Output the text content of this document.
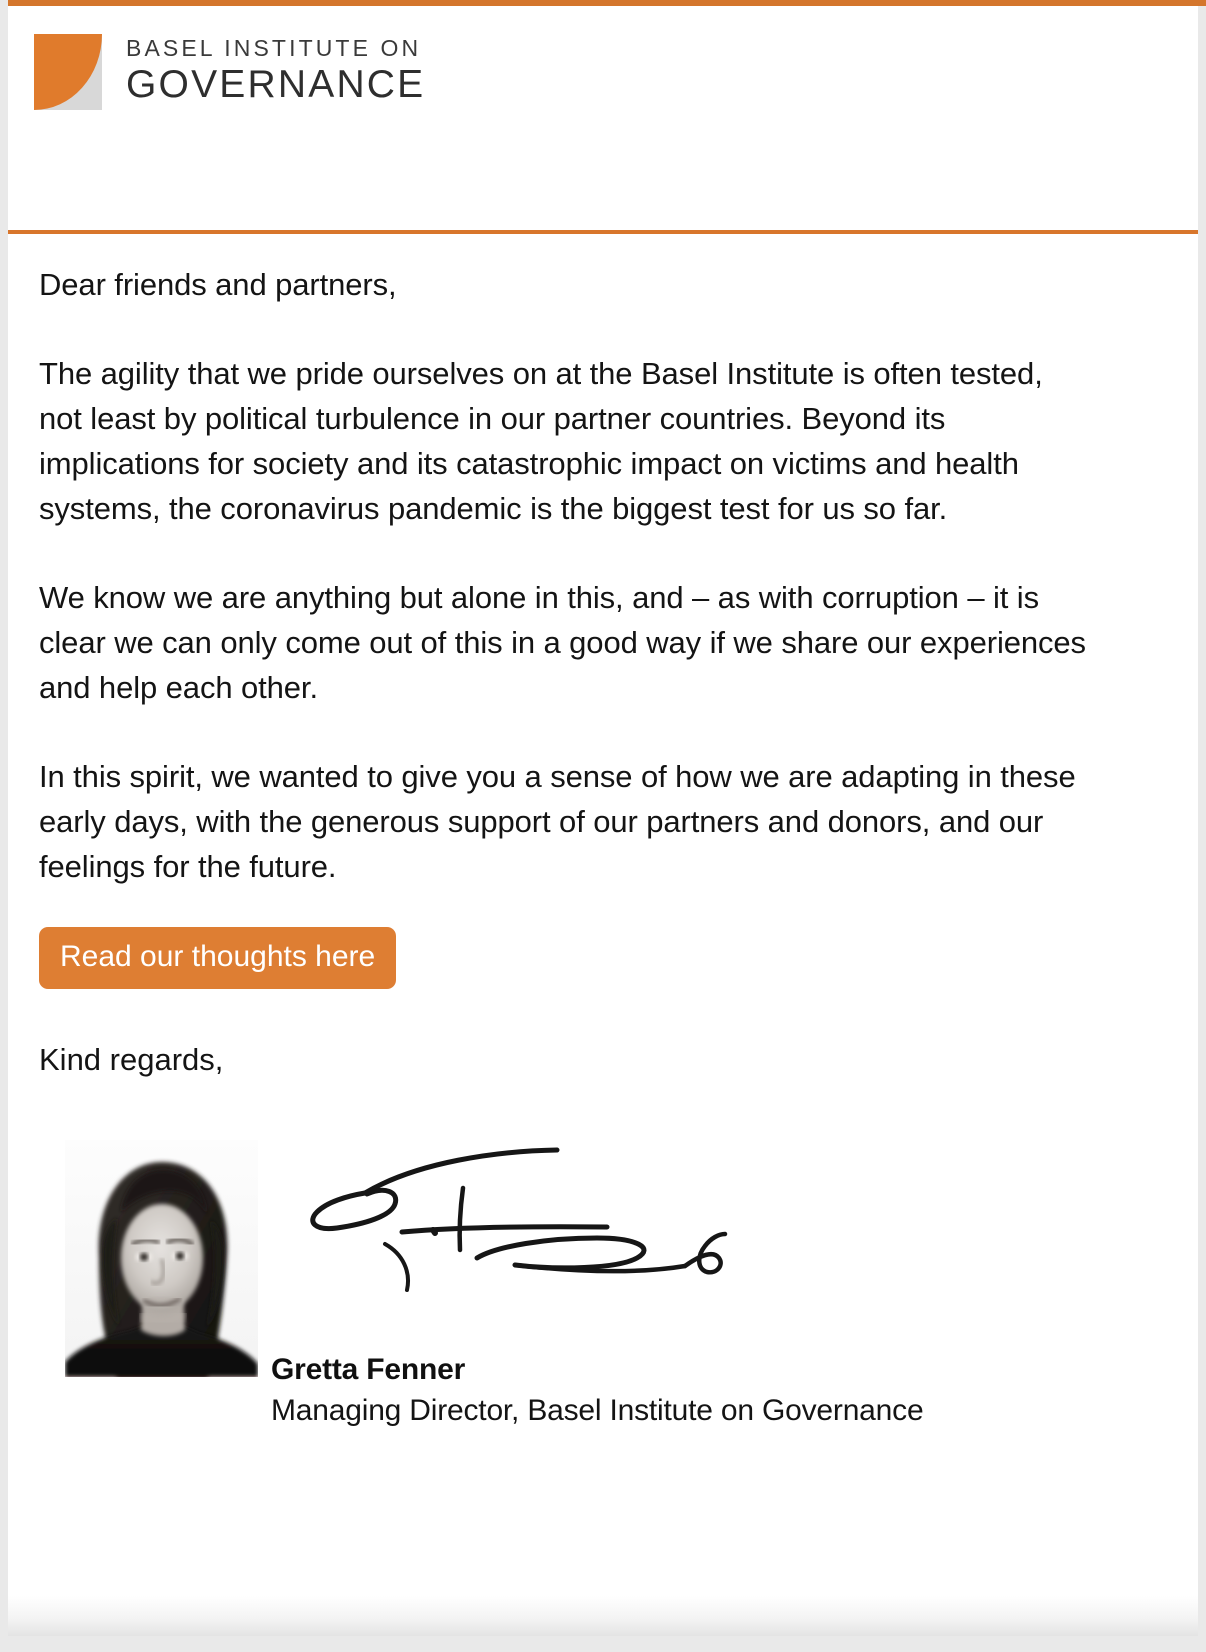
BASEL INSTITUTE ON
GOVERNANCE

Dear friends and partners,

The agility that we pride ourselves on at the Basel Institute is often tested, not least by political turbulence in our partner countries. Beyond its implications for society and its catastrophic impact on victims and health systems, the coronavirus pandemic is the biggest test for us so far.

We know we are anything but alone in this, and – as with corruption – it is clear we can only come out of this in a good way if we share our experiences and help each other.

In this spirit, we wanted to give you a sense of how we are adapting in these early days, with the generous support of our partners and donors, and our feelings for the future.

Read our thoughts here

Kind regards,

Gretta Fenner
Managing Director, Basel Institute on Governance
